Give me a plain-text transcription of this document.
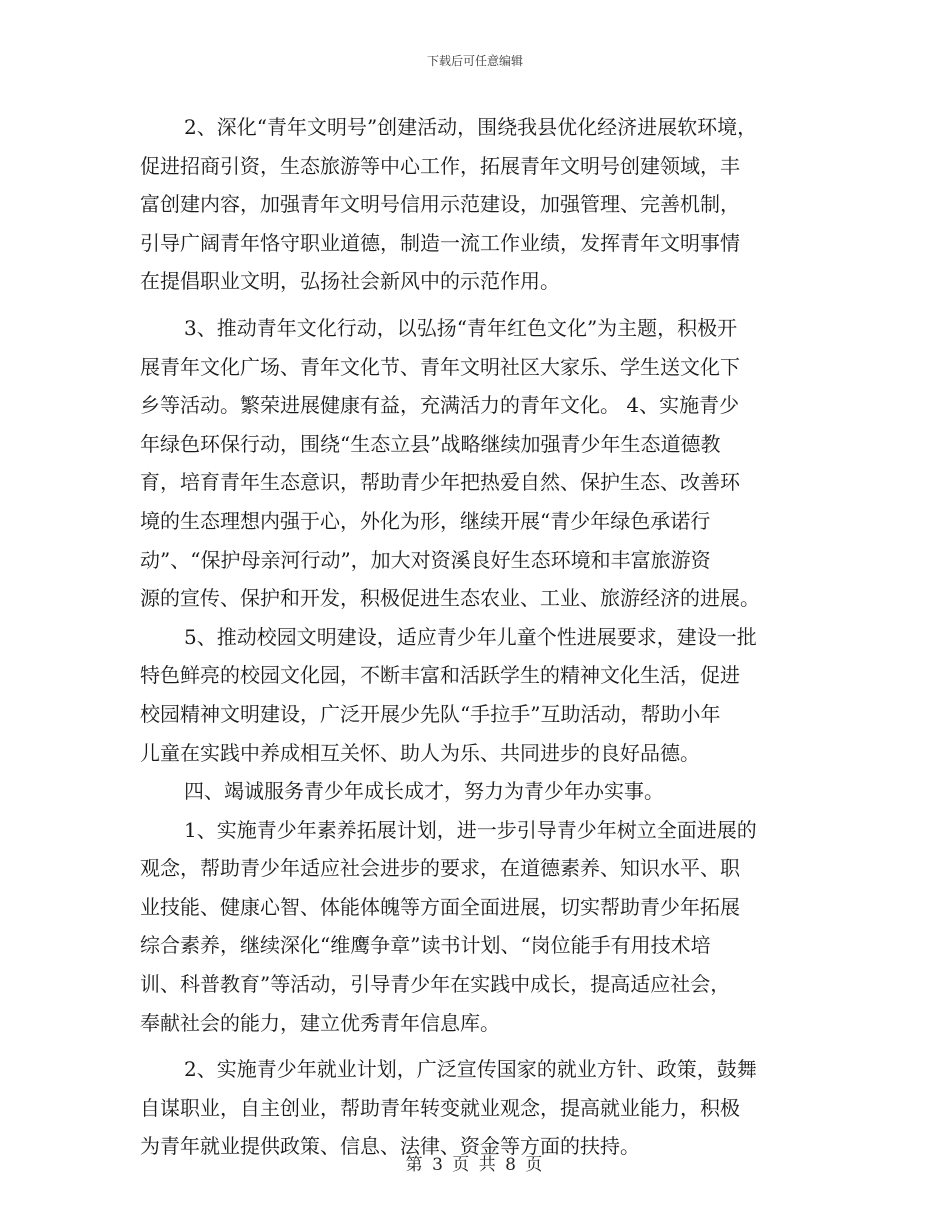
下载后可任意编辑
2、深化“青年文明号”创建活动，围绕我县优化经济进展软环境，
促进招商引资，生态旅游等中心工作，拓展青年文明号创建领域，丰
富创建内容，加强青年文明号信用示范建设，加强管理、完善机制，
引导广阔青年恪守职业道德，制造一流工作业绩，发挥青年文明事情
在提倡职业文明，弘扬社会新风中的示范作用。
3、推动青年文化行动，以弘扬“青年红色文化”为主题，积极开
展青年文化广场、青年文化节、青年文明社区大家乐、学生送文化下
乡等活动。繁荣进展健康有益，充满活力的青年文化。 4、实施青少
年绿色环保行动，围绕“生态立县”战略继续加强青少年生态道德教
育，培育青年生态意识，帮助青少年把热爱自然、保护生态、改善环
境的生态理想内强于心，外化为形，继续开展“青少年绿色承诺行
动”、“保护母亲河行动”，加大对资溪良好生态环境和丰富旅游资
源的宣传、保护和开发，积极促进生态农业、工业、旅游经济的进展。
5、推动校园文明建设，适应青少年儿童个性进展要求，建设一批
特色鲜亮的校园文化园，不断丰富和活跃学生的精神文化生活，促进
校园精神文明建设，广泛开展少先队“手拉手”互助活动，帮助小年
儿童在实践中养成相互关怀、助人为乐、共同进步的良好品德。
四、竭诚服务青少年成长成才，努力为青少年办实事。
1、实施青少年素养拓展计划，进一步引导青少年树立全面进展的
观念，帮助青少年适应社会进步的要求，在道德素养、知识水平、职
业技能、健康心智、体能体魄等方面全面进展，切实帮助青少年拓展
综合素养，继续深化“维鹰争章”读书计划、“岗位能手有用技术培
训、科普教育”等活动，引导青少年在实践中成长，提高适应社会，
奉献社会的能力，建立优秀青年信息库。
2、实施青少年就业计划，广泛宣传国家的就业方针、政策，鼓舞
自谋职业，自主创业，帮助青年转变就业观念，提高就业能力，积极
为青年就业提供政策、信息、法律、资金等方面的扶持。
第 3 页 共 8 页
